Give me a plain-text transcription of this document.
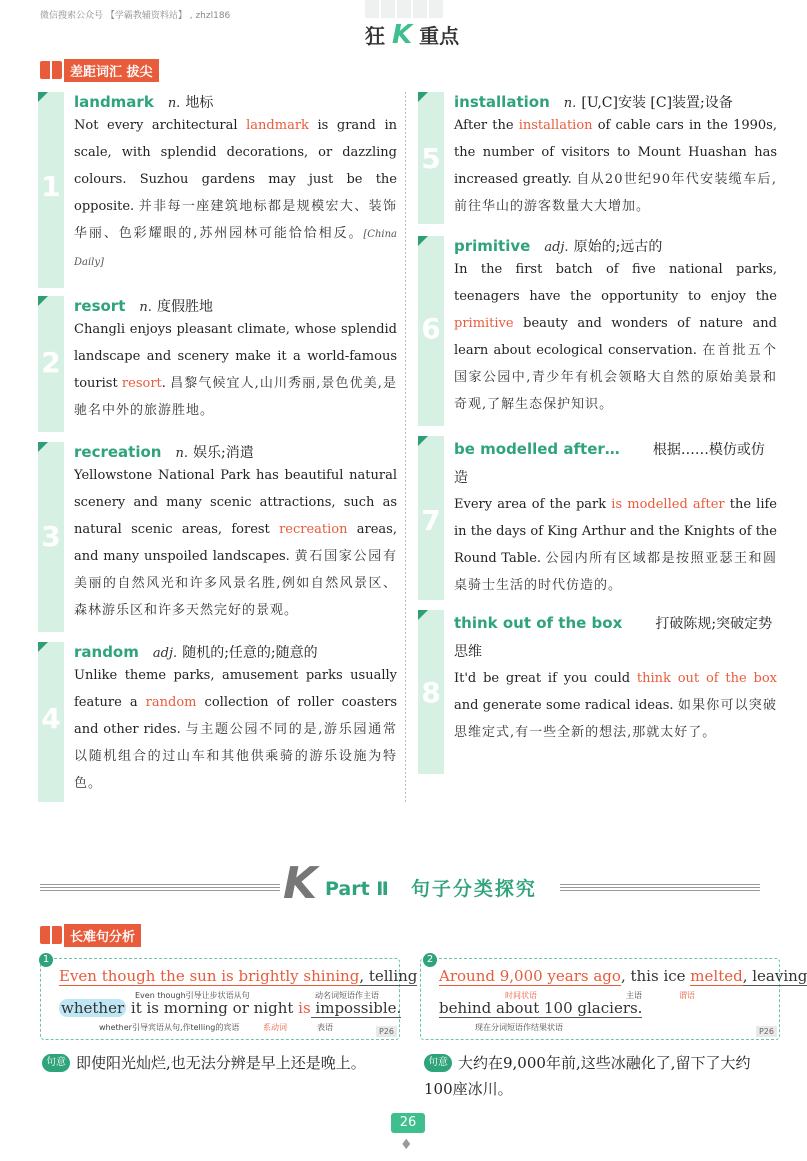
微信搜索公众号 【学霸教辅资料站】 , zhzl186
狂 K 重点
差距词汇 拔尖
1
landmark n. 地标
Not every architectural landmark is grand in scale, with splendid decorations, or dazzling colours. Suzhou gardens may just be the opposite. 并非每一座建筑地标都是规模宏大、装饰华丽、色彩耀眼的,苏州园林可能恰恰相反。[China Daily]
2
resort n. 度假胜地
Changli enjoys pleasant climate, whose splendid landscape and scenery make it a world-famous tourist resort. 昌黎气候宜人,山川秀丽,景色优美,是驰名中外的旅游胜地。
3
recreation n. 娱乐;消遣
Yellowstone National Park has beautiful natural scenery and many scenic attractions, such as natural scenic areas, forest recreation areas, and many unspoiled landscapes. 黄石国家公园有美丽的自然风光和许多风景名胜,例如自然风景区、森林游乐区和许多天然完好的景观。
4
random adj. 随机的;任意的;随意的
Unlike theme parks, amusement parks usually feature a random collection of roller coasters and other rides. 与主题公园不同的是,游乐园通常以随机组合的过山车和其他供乘骑的游乐设施为特色。
5
installation n. [U,C]安装 [C]装置;设备
After the installation of cable cars in the 1990s, the number of visitors to Mount Huashan has increased greatly. 自从20世纪90年代安装缆车后,前往华山的游客数量大大增加。
6
primitive adj. 原始的;远古的
In the first batch of five national parks, teenagers have the opportunity to enjoy the primitive beauty and wonders of nature and learn about ecological conservation. 在首批五个国家公园中,青少年有机会领略大自然的原始美景和奇观,了解生态保护知识。
7
be modelled after… 根据……模仿或仿造
Every area of the park is modelled after the life in the days of King Arthur and the Knights of the Round Table. 公园内所有区域都是按照亚瑟王和圆桌骑士生活的时代仿造的。
8
think out of the box 打破陈规;突破定势思维
It'd be great if you could think out of the box and generate some radical ideas. 如果你可以突破思维定式,有一些全新的想法,那就太好了。
K Part Ⅱ 句子分类探究
长难句分析
1
Even though the sun is brightly shining, telling
Even though引导让步状语从句	动名词短语作主语
whether it is morning or night is impossible.
whether引导宾语从句,作telling的宾语	系动词	表语	P26
句意 即使阳光灿烂,也无法分辨是早上还是晚上。
2
Around 9,000 years ago, this ice melted, leaving
时间状语	主语	谓语
behind about 100 glaciers.
现在分词短语作结果状语	P26
句意 大约在9,000年前,这些冰融化了,留下了大约100座冰川。
26
♦
